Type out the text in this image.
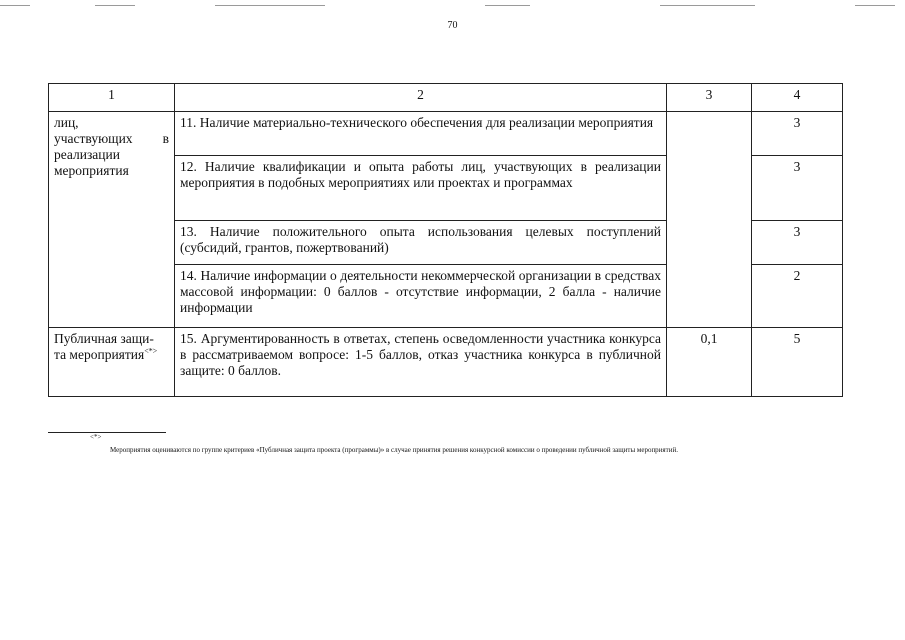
70
1	2	3	4

лиц,
участвующих в
реализации
мероприятия	11. Наличие материально-технического обеспечения для реализации мероприятия		3
	12. Наличие квалификации и опыта работы лиц, участвующих в реализации мероприятия в подобных мероприятиях или проектах и программах		3
	13. Наличие положительного опыта использования целевых поступлений (субсидий, грантов, пожертвований)		3
	14. Наличие информации о деятельности некоммерческой организации в средствах массовой информации: 0 баллов - отсутствие информации, 2 балла - наличие информации		2

Публичная защи-
та мероприятия<*>	15. Аргументированность в ответах, степень осведомленности участника конкурса в рассматриваемом вопросе: 1-5 баллов, отказ участника конкурса в публичной защите: 0 баллов.	0,1	5
<*>
Мероприятия оцениваются по группе критериев «Публичная защита проекта (программы)» в случае принятия решения конкурсной комиссии о проведении публичной защиты мероприятий.
